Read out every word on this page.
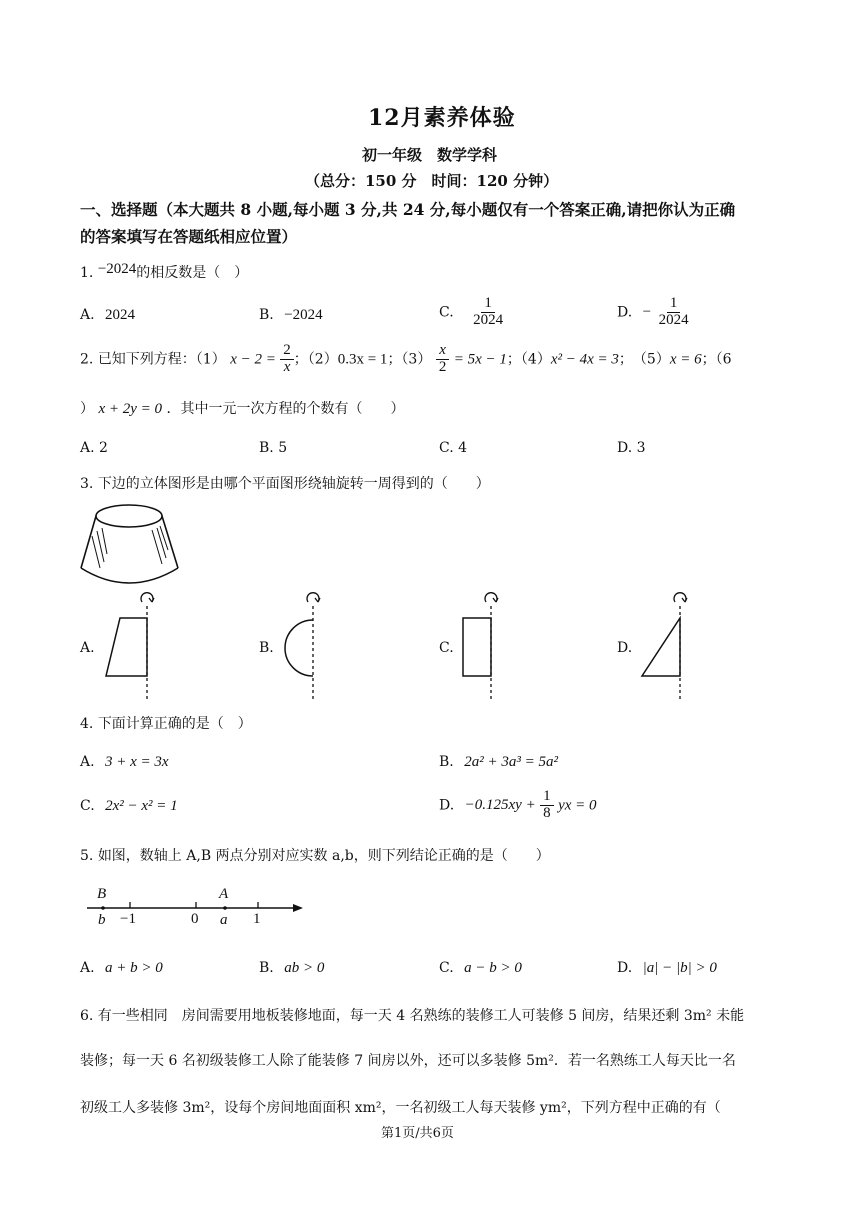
12月素养体验
初一年级　数学学科
（总分：150 分　时间：120 分钟）
一、选择题（本大题共 8 小题,每小题 3 分,共 24 分,每小题仅有一个答案正确,请把你认为正确
的答案填写在答题纸相应位置）
1. −2024的相反数是（　）
A. 2024	B. −2024	C. $\frac{1}{2024}$	D. − $\frac{1}{2024}$
2. 已知下列方程：（1） $x - 2 = \frac{2}{x}$ ；（2）0.3x = 1；$(3) \frac{x}{2} = 5x - 1$；（4）x² − 4x = 3；　（5）x = 6；（6
） x + 2y = 0 ．其中一元一次方程的个数有（　　）
A. 2	B. 5	C. 4	D. 3
3. 下边的立体图形是由哪个平面图形绕轴旋转一周得到的（　　）
A.	B.	C.	D.
4. 下面计算正确的是（　）
A. 3 + x = 3x	B. 2a² + 3a³ = 5a²
C. 2x² − x² = 1	D. $-0.125xy + \frac{1}{8}$ yx = 0
5. 如图，数轴上 A,B 两点分别对应实数 a,b，则下列结论正确的是（　　）
B	A
b −1	0 a 1
A. a + b > 0	B. ab > 0	C. a − b > 0	D. |a| − |b| > 0
6. 有一些相同　房间需要用地板装修地面，每一天 4 名熟练的装修工人可装修 5 间房，结果还剩 3m² 未能
装修；每一天 6 名初级装修工人除了能装修 7 间房以外，还可以多装修 5m²．若一名熟练工人每天比一名
初级工人多装修 3m²，设每个房间地面面积 xm²，一名初级工人每天装修 ym²，下列方程中正确的有（
第1页/共6页
